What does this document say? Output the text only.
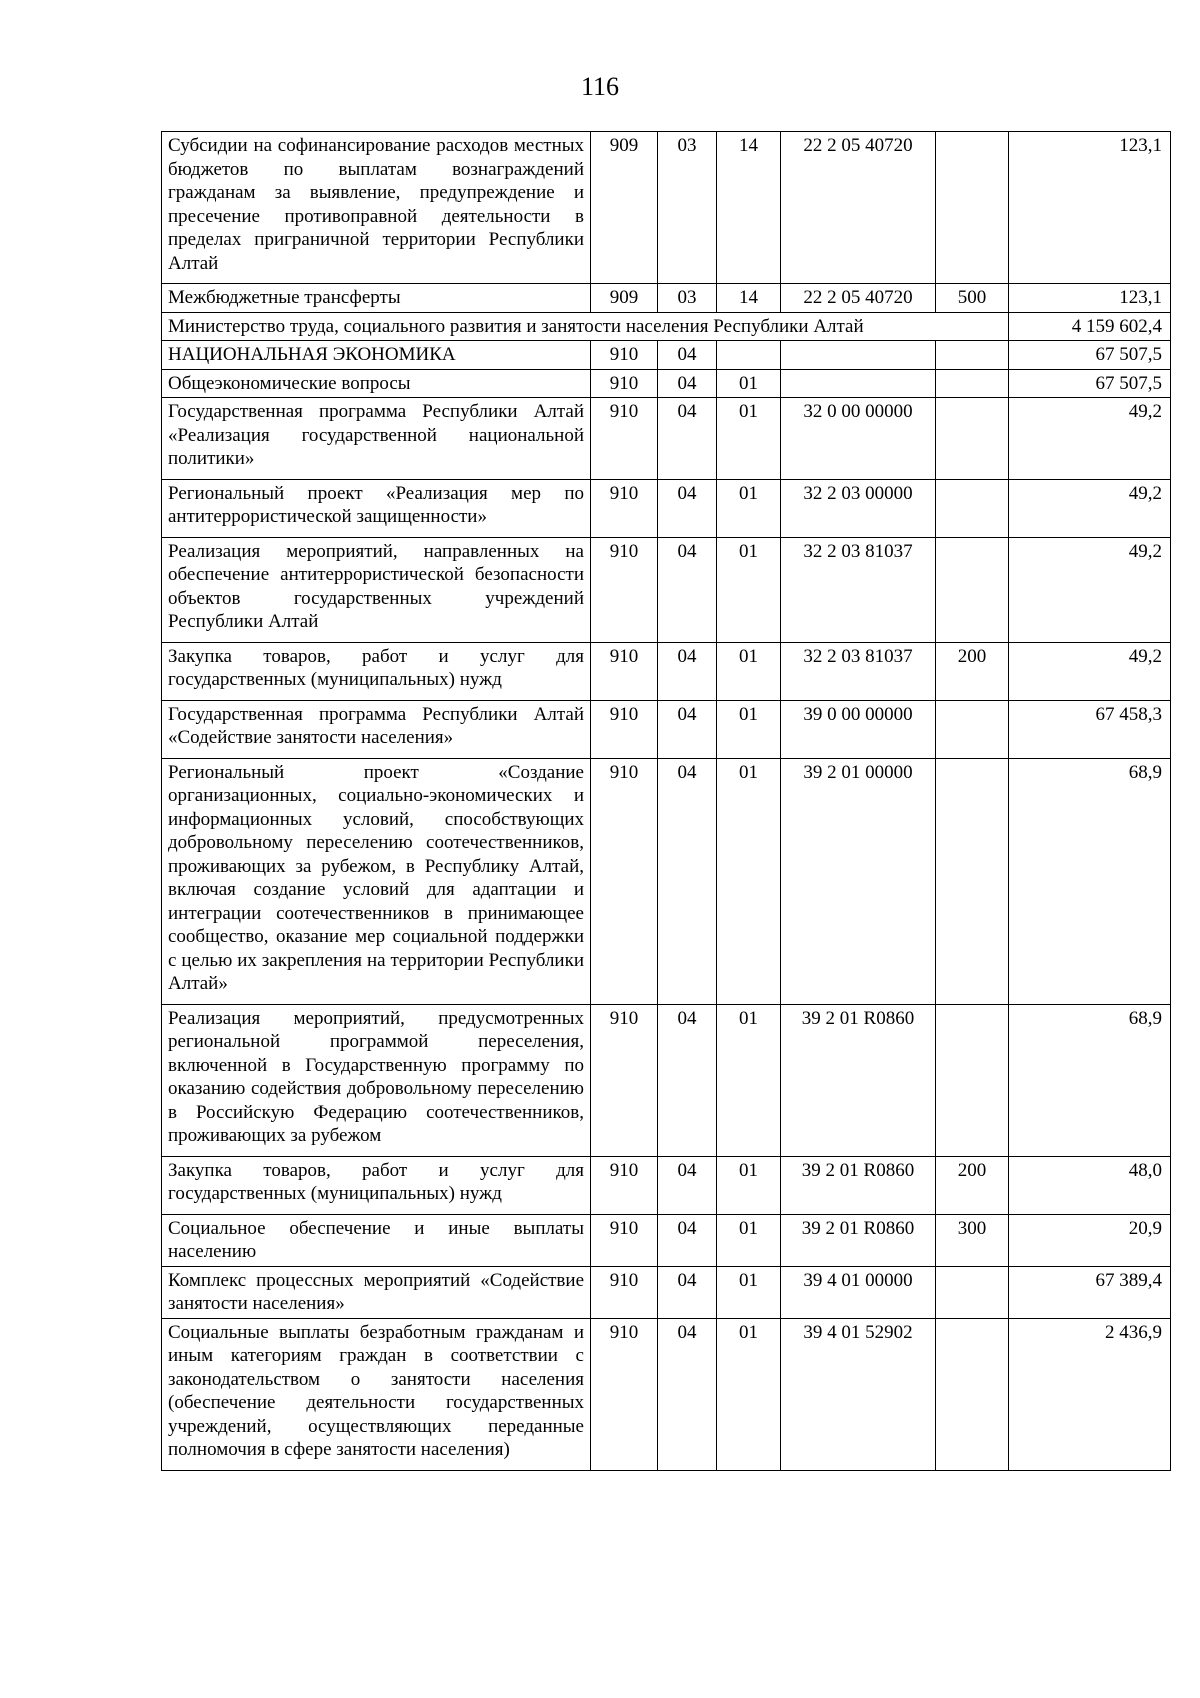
116
Субсидии на софинансирование расходов местных бюджетов по выплатам вознаграждений гражданам за выявление, предупреждение и пресечение противоправной деятельности в пределах приграничной территории Республики Алтай	909	03	14	22 2 05 40720		123,1
Межбюджетные трансферты	909	03	14	22 2 05 40720	500	123,1
Министерство труда, социального развития и занятости населения Республики Алтай						4 159 602,4
НАЦИОНАЛЬНАЯ ЭКОНОМИКА	910	04				67 507,5
Общеэкономические вопросы	910	04	01			67 507,5
Государственная программа Республики Алтай «Реализация государственной национальной политики»	910	04	01	32 0 00 00000		49,2
Региональный проект «Реализация мер по антитеррористической защищенности»	910	04	01	32 2 03 00000		49,2
Реализация мероприятий, направленных на обеспечение антитеррористической безопасности объектов государственных учреждений Республики Алтай	910	04	01	32 2 03 81037		49,2
Закупка товаров, работ и услуг для государственных (муниципальных) нужд	910	04	01	32 2 03 81037	200	49,2
Государственная программа Республики Алтай «Содействие занятости населения»	910	04	01	39 0 00 00000		67 458,3
Региональный проект «Создание организационных, социально-экономических и информационных условий, способствующих добровольному переселению соотечественников, проживающих за рубежом, в Республику Алтай, включая создание условий для адаптации и интеграции соотечественников в принимающее сообщество, оказание мер социальной поддержки с целью их закрепления на территории Республики Алтай»	910	04	01	39 2 01 00000		68,9
Реализация мероприятий, предусмотренных региональной программой переселения, включенной в Государственную программу по оказанию содействия добровольному переселению в Российскую Федерацию соотечественников, проживающих за рубежом	910	04	01	39 2 01 R0860		68,9
Закупка товаров, работ и услуг для государственных (муниципальных) нужд	910	04	01	39 2 01 R0860	200	48,0
Социальное обеспечение и иные выплаты населению	910	04	01	39 2 01 R0860	300	20,9
Комплекс процессных мероприятий «Содействие занятости населения»	910	04	01	39 4 01 00000		67 389,4
Социальные выплаты безработным гражданам и иным категориям граждан в соответствии с законодательством о занятости населения (обеспечение деятельности государственных учреждений, осуществляющих переданные полномочия в сфере занятости населения)	910	04	01	39 4 01 52902		2 436,9
